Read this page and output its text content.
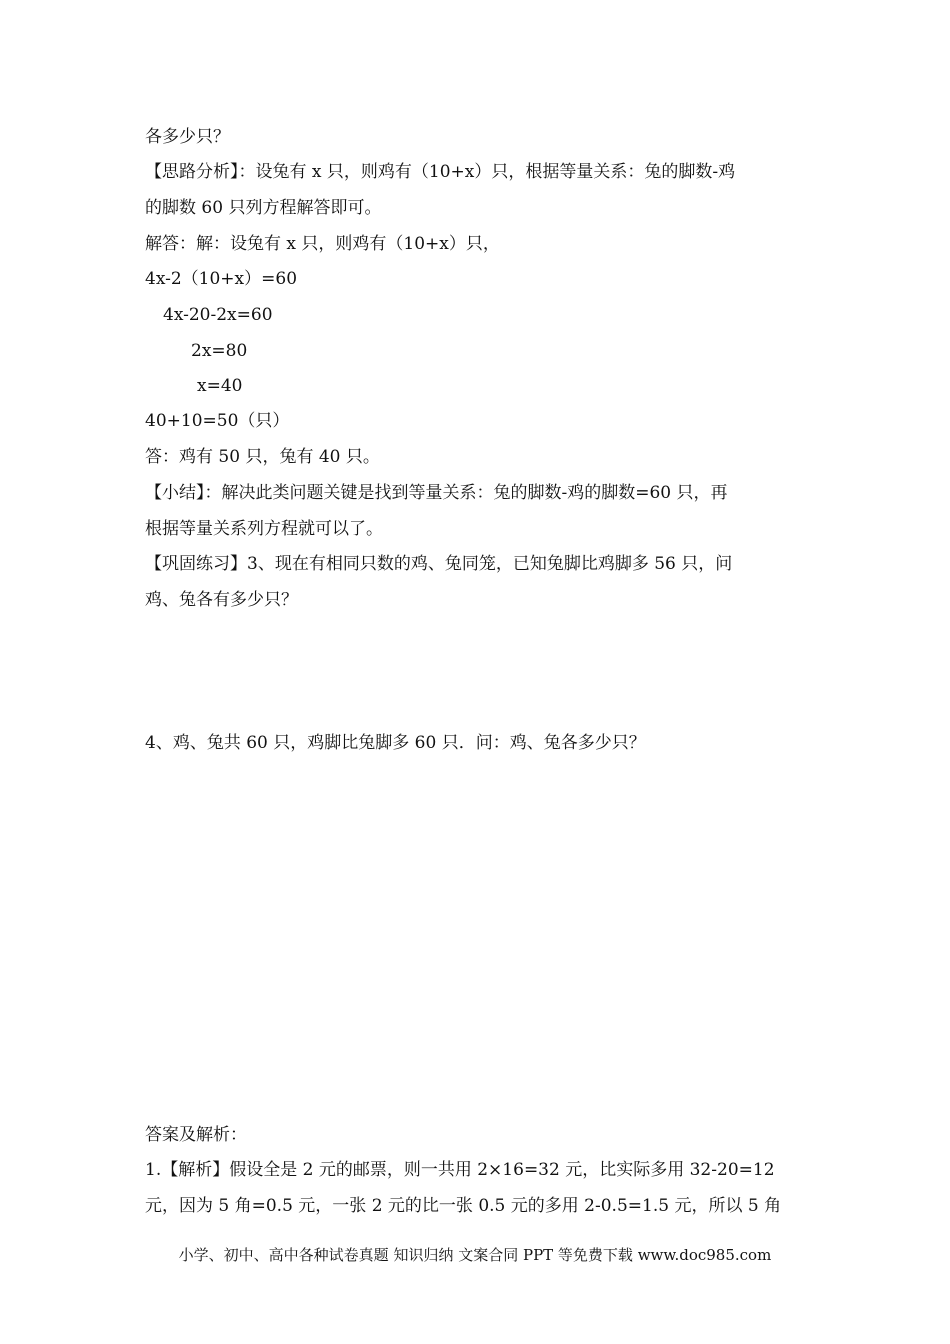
各多少只？
【思路分析】：设兔有 x 只，则鸡有（10+x）只，根据等量关系：兔的脚数-鸡
的脚数 60 只列方程解答即可。
解答：解：设兔有 x 只，则鸡有（10+x）只，
4x-2（10+x）=60
4x-20-2x=60
2x=80
x=40
40+10=50（只）
答：鸡有 50 只，兔有 40 只。
【小结】：解决此类问题关键是找到等量关系：兔的脚数-鸡的脚数=60 只，再
根据等量关系列方程就可以了。
【巩固练习】3、现在有相同只数的鸡、兔同笼，已知兔脚比鸡脚多 56 只，问
鸡、兔各有多少只？
4、鸡、兔共 60 只，鸡脚比兔脚多 60 只．问：鸡、兔各多少只？
答案及解析：
1.【解析】假设全是 2 元的邮票，则一共用 2×16=32 元，比实际多用 32-20=12
元，因为 5 角=0.5 元，一张 2 元的比一张 0.5 元的多用 2-0.5=1.5 元，所以 5 角
小学、初中、高中各种试卷真题 知识归纳 文案合同 PPT 等免费下载 www.doc985.com
